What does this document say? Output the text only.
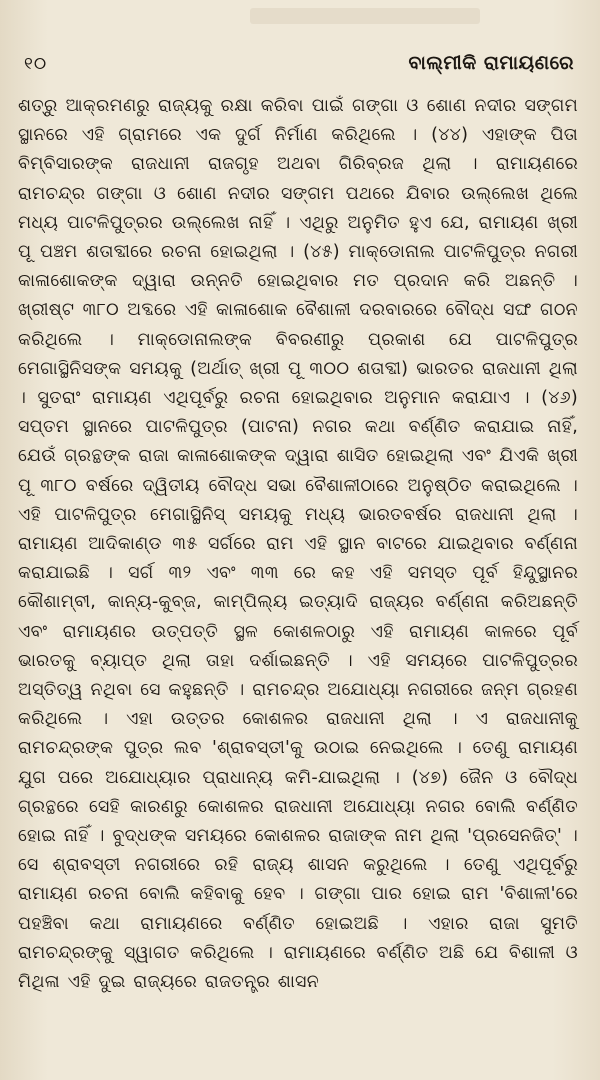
୧୦	ବାଲ୍ମୀକି ରାମାୟଣରେ

ଶତ୍ରୁ ଆକ୍ରମଣରୁ ରାଜ୍ୟକୁ ରକ୍ଷା କରିବା ପାଇଁ ଗଙ୍ଗା ଓ ଶୋଣ ନଦୀର ସଙ୍ଗମ ସ୍ଥାନରେ ଏହି ଗ୍ରାମରେ ଏକ ଦୁର୍ଗ ନିର୍ମାଣ କରିଥିଲେ । (୪୪) ଏହାଙ୍କ ପିତା ବିମ୍ବିସାରଙ୍କ ରାଜଧାନୀ ରାଜଗୃହ ଅଥବା ଗିରିବ୍ରଜ ଥିଲା । ରାମାୟଣରେ ରାମଚନ୍ଦ୍ର ଗଙ୍ଗା ଓ ଶୋଣ ନଦୀର ସଙ୍ଗମ ପଥରେ ଯିବାର ଉଲ୍ଲେଖ ଥିଲେ ମଧ୍ୟ ପାଟଳିପୁତ୍ରର ଉଲ୍ଲେଖ ନାହିଁ । ଏଥିରୁ ଅନୁମିତ ହୁଏ ଯେ, ରାମାୟଣ ଖ୍ରୀ ପୂ ପଞ୍ଚମ ଶତାବ୍ଦୀରେ ରଚନା ହୋଇଥିଲା । (୪୫) ମାକ୍‌ଡୋନାଲ ପାଟଳିପୁତ୍ର ନଗରୀ କାଳାଶୋକଙ୍କ ଦ୍ୱାରା ଉନ୍ନତି ହୋଇଥିବାର ମତ ପ୍ରଦାନ କରି ଅଛନ୍ତି । ଖ୍ରୀଷ୍ଟ ୩୮୦ ଅବ୍ଦରେ ଏହି କାଳାଶୋକ ବୈଶାଳୀ ଦରବାରରେ ବୌଦ୍ଧ ସଙ୍ଘ ଗଠନ କରିଥିଲେ । ମାକ୍‌ଡୋନାଲଙ୍କ ବିବରଣୀରୁ ପ୍ରକାଶ ଯେ ପାଟଳିପୁତ୍ର ମେଗାସ୍ଥିନିସଙ୍କ ସମୟକୁ (ଅର୍ଥାତ୍ ଖ୍ରୀ ପୂ ୩୦୦ ଶତାବ୍ଦୀ) ଭାରତର ରାଜଧାନୀ ଥିଲା । ସୁତରାଂ ରାମାୟଣ ଏଥିପୂର୍ବରୁ ରଚନା ହୋଇଥିବାର ଅନୁମାନ କରାଯାଏ । (୪୬) ସପ୍ତମ ସ୍ଥାନରେ ପାଟଳିପୁତ୍ର (ପାଟନା) ନଗର କଥା ବର୍ଣ୍ଣିତ କରାଯାଇ ନାହିଁ, ଯେଉଁ ଗ୍ରନ୍ଥଙ୍କ ରାଜା କାଳାଶୋକଙ୍କ ଦ୍ୱାରା ଶାସିତ ହୋଇଥିଲା ଏବଂ ଯିଏକି ଖ୍ରୀ ପୂ ୩୮୦ ବର୍ଷରେ ଦ୍ୱିତୀୟ ବୌଦ୍ଧ ସଭା ବୈଶାଳୀଠାରେ ଅନୁଷ୍ଠିତ କରାଇଥିଲେ । ଏହି ପାଟଳିପୁତ୍ର ମେଗାସ୍ଥିନିସ୍ ସମୟକୁ ମଧ୍ୟ ଭାରତବର୍ଷର ରାଜଧାନୀ ଥିଲା । ରାମାୟଣ ଆଦିକାଣ୍ଡ ୩୫ ସର୍ଗରେ ରାମ ଏହି ସ୍ଥାନ ବାଟରେ ଯାଇଥିବାର ବର୍ଣ୍ଣନା କରାଯାଇଛି । ସର୍ଗ ୩୨ ଏବଂ ୩୩ ରେ କହ ଏହି ସମସ୍ତ ପୂର୍ବ ହିନ୍ଦୁସ୍ଥାନର କୌଶାମ୍ବୀ, କାନ୍ୟ-କୁବ୍ଜ, କାମ୍ପିଲ୍ୟ ଇତ୍ୟାଦି ରାଜ୍ୟର ବର୍ଣ୍ଣନା କରିଅଛନ୍ତି ଏବଂ ରାମାୟଣର ଉତ୍ପତ୍ତି ସ୍ଥଳ କୋଶଳଠାରୁ ଏହି ରାମାୟଣ କାଳରେ ପୂର୍ବ ଭାରତକୁ ବ୍ୟାପ୍ତ ଥିଲା ତାହା ଦର୍ଶାଇଛନ୍ତି । ଏହି ସମୟରେ ପାଟଳିପୁତ୍ରର ଅସ୍ତିତ୍ୱ ନଥିବା ସେ କହୁଛନ୍ତି । ରାମଚନ୍ଦ୍ର ଅଯୋଧ୍ୟା ନଗରୀରେ ଜନ୍ମ ଗ୍ରହଣ କରିଥିଲେ । ଏହା ଉତ୍ତର କୋଶଳର ରାଜଧାନୀ ଥିଲା । ଏ ରାଜଧାନୀକୁ ରାମଚନ୍ଦ୍ରଙ୍କ ପୁତ୍ର ଲବ 'ଶ୍ରାବସ୍ତୀ'କୁ ଉଠାଇ ନେଇଥିଲେ । ତେଣୁ ରାମାୟଣ ଯୁଗ ପରେ ଅଯୋଧ୍ୟାର ପ୍ରାଧାନ୍ୟ କମି-ଯାଇଥିଲା । (୪୭) ଜୈନ ଓ ବୌଦ୍ଧ ଗ୍ରନ୍ଥରେ ସେହି କାରଣରୁ କୋଶଳର ରାଜଧାନୀ ଅଯୋଧ୍ୟା ନଗର ବୋଲି ବର୍ଣ୍ଣିତ ହୋଇ ନାହିଁ । ବୁଦ୍ଧଙ୍କ ସମୟରେ କୋଶଳର ରାଜାଙ୍କ ନାମ ଥିଲା 'ପ୍ରସେନଜିତ୍' । ସେ ଶ୍ରାବସ୍ତୀ ନଗରୀରେ ରହି ରାଜ୍ୟ ଶାସନ କରୁଥିଲେ । ତେଣୁ ଏଥିପୂର୍ବରୁ ରାମାୟଣ ରଚନା ବୋଲି କହିବାକୁ ହେବ । ଗଙ୍ଗା ପାର ହୋଇ ରାମ 'ବିଶାଳୀ'ରେ ପହଞ୍ଚିବା କଥା ରାମାୟଣରେ ବର୍ଣ୍ଣିତ ହୋଇଅଛି । ଏହାର ରାଜା ସୁମତି ରାମଚନ୍ଦ୍ରଙ୍କୁ ସ୍ୱାଗତ କରିଥିଲେ । ରାମାୟଣରେ ବର୍ଣ୍ଣିତ ଅଛି ଯେ ବିଶାଳୀ ଓ ମିଥିଳା ଏହି ଦୁଇ ରାଜ୍ୟରେ ରାଜତନ୍ତ୍ର ଶାସନ
